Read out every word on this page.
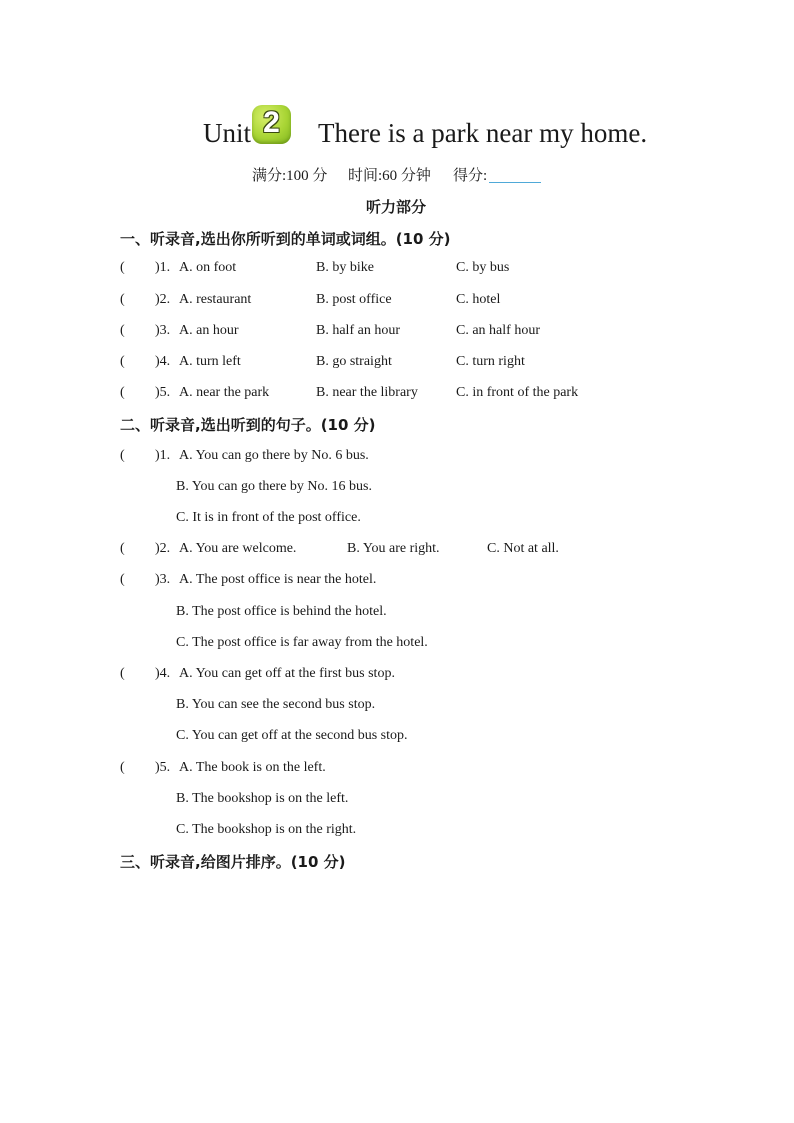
Unit 2	There is a park near my home.
满分:100 分 时间:60 分钟 得分:
听力部分
一、听录音,选出你所听到的单词或词组。(10 分)
( )1. A. on foot	B. by bike	C. by bus
( )2. A. restaurant	B. post office	C. hotel
( )3. A. an hour	B. half an hour	C. an half hour
( )4. A. turn left	B. go straight	C. turn right
( )5. A. near the park	B. near the library	C. in front of the park
二、听录音,选出听到的句子。(10 分)
( )1. A. You can go there by No. 6 bus.
B. You can go there by No. 16 bus.
C. It is in front of the post office.
( )2. A. You are welcome.	B. You are right.	C. Not at all.
( )3. A. The post office is near the hotel.
B. The post office is behind the hotel.
C. The post office is far away from the hotel.
( )4. A. You can get off at the first bus stop.
B. You can see the second bus stop.
C. You can get off at the second bus stop.
( )5. A. The book is on the left.
B. The bookshop is on the left.
C. The bookshop is on the right.
三、听录音,给图片排序。(10 分)
